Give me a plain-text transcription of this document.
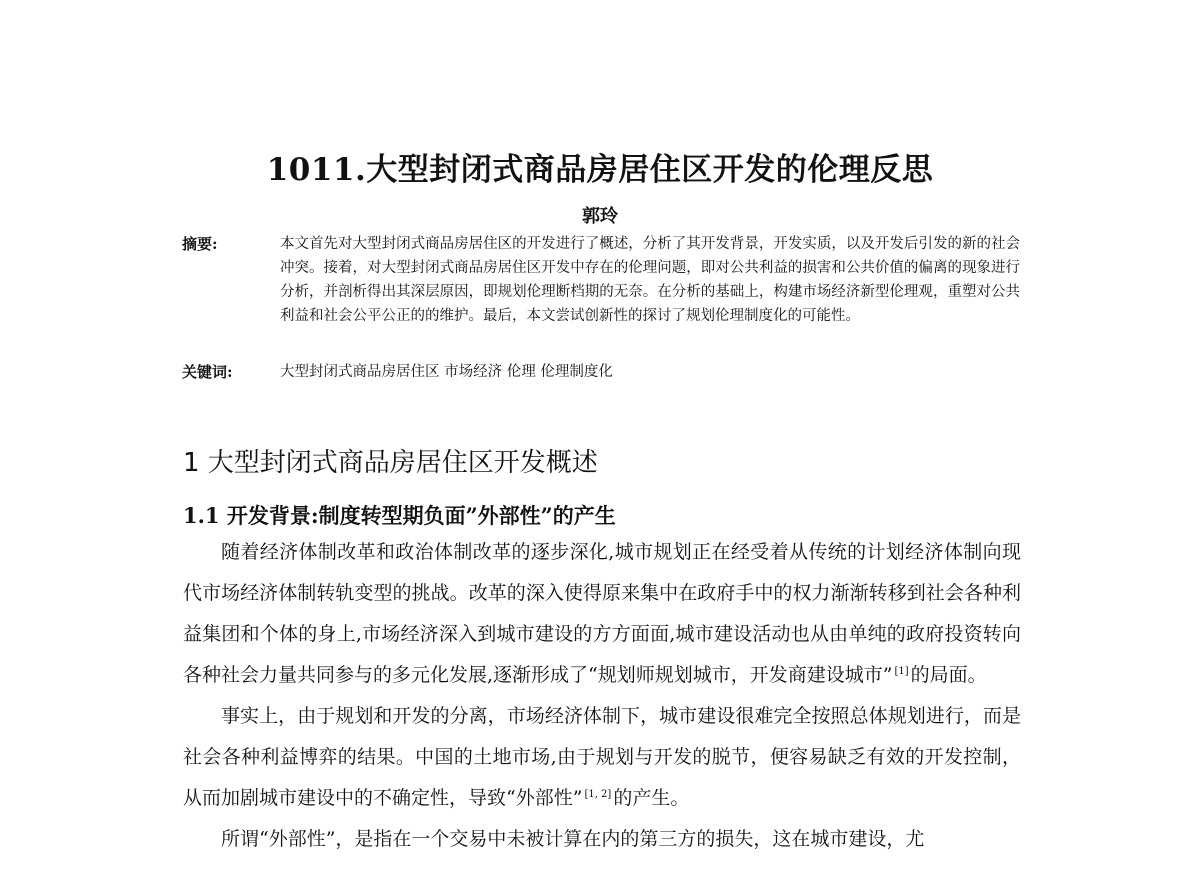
1011.大型封闭式商品房居住区开发的伦理反思
郭玲
摘要:	本文首先对大型封闭式商品房居住区的开发进行了概述，分析了其开发背景，开发实质，以及开发后引发的新的社会冲突。接着，对大型封闭式商品房居住区开发中存在的伦理问题，即对公共利益的损害和公共价值的偏离的现象进行分析，并剖析得出其深层原因，即规划伦理断档期的无奈。在分析的基础上，构建市场经济新型伦理观，重塑对公共利益和社会公平公正的的维护。最后，本文尝试创新性的探讨了规划伦理制度化的可能性。
关键词:	大型封闭式商品房居住区 市场经济 伦理 伦理制度化
1 大型封闭式商品房居住区开发概述
1.1 开发背景:制度转型期负面”外部性”的产生

随着经济体制改革和政治体制改革的逐步深化,城市规划正在经受着从传统的计划经济体制向现代市场经济体制转轨变型的挑战。改革的深入使得原来集中在政府手中的权力渐渐转移到社会各种利益集团和个体的身上,市场经济深入到城市建设的方方面面,城市建设活动也从由单纯的政府投资转向各种社会力量共同参与的多元化发展,逐渐形成了“规划师规划城市，开发商建设城市” [1] 的局面。

事实上，由于规划和开发的分离，市场经济体制下，城市建设很难完全按照总体规划进行，而是社会各种利益博弈的结果。中国的土地市场,由于规划与开发的脱节，便容易缺乏有效的开发控制，从而加剧城市建设中的不确定性，导致“外部性” [1, 2] 的产生。

所谓“外部性”，是指在一个交易中未被计算在内的第三方的损失，这在城市建设，尤
